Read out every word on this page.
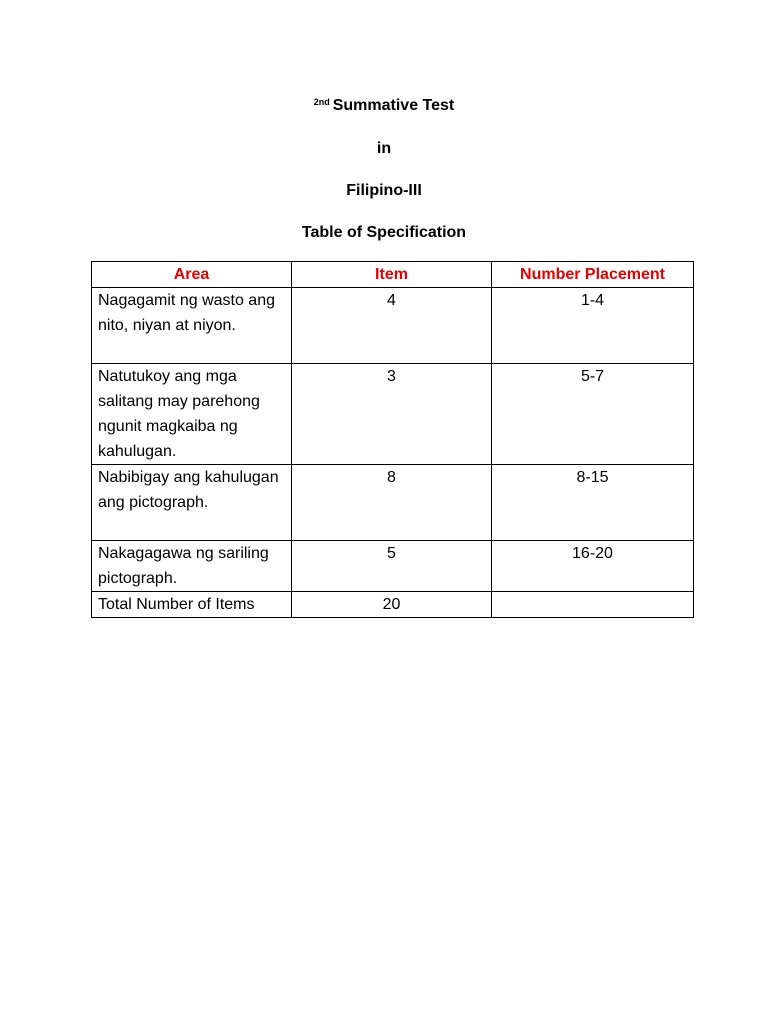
$^{2nd}$ Summative Test
in
Filipino-III
Table of Specification
Area	Item	Number Placement
Nagagamit ng wasto ang nito, niyan at niyon.	4	1-4
Natutukoy ang mga salitang may parehong ngunit magkaiba ng kahulugan.	3	5-7
Nabibigay ang kahulugan ang pictograph.	8	8-15
Nakagagawa ng sariling pictograph.	5	16-20
Total Number of Items	20	
